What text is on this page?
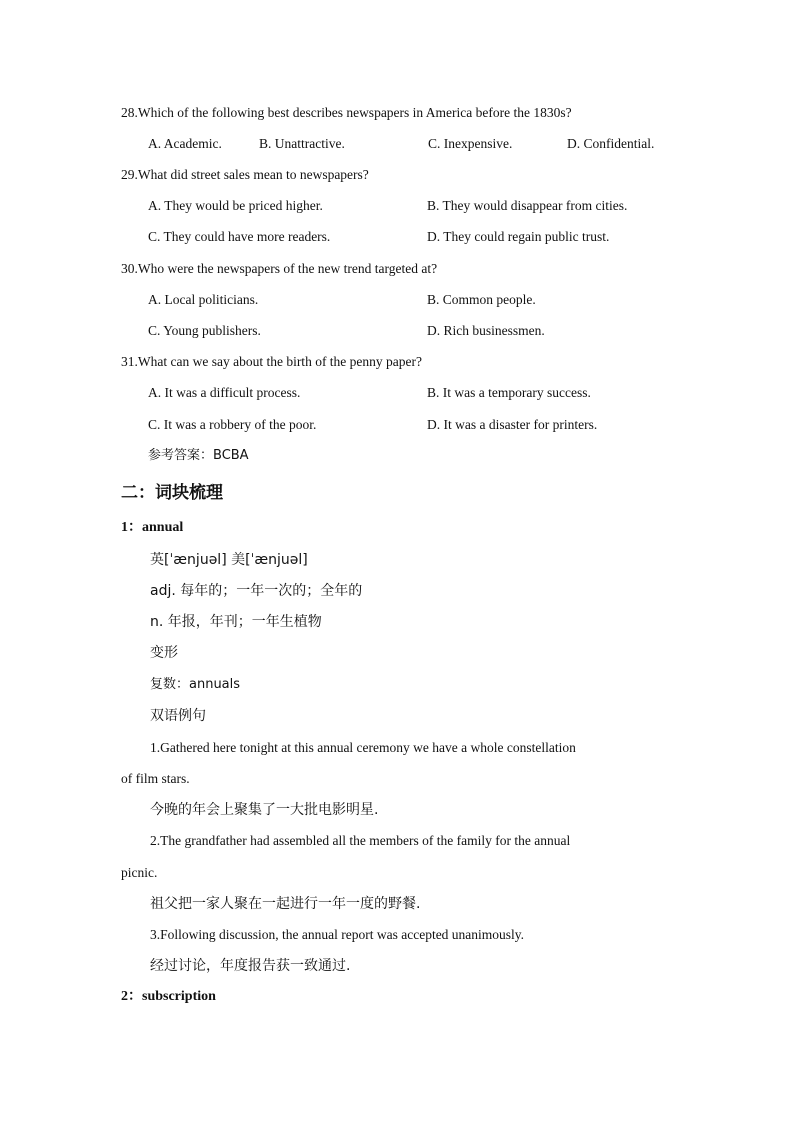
28.Which of the following best describes newspapers in America before the 1830s?
A. Academic.	B. Unattractive.	C. Inexpensive.	D. Confidential.
29.What did street sales mean to newspapers?
A. They would be priced higher.	B. They would disappear from cities.
C. They could have more readers.	D. They could regain public trust.
30.Who were the newspapers of the new trend targeted at?
A. Local politicians.	B. Common people.
C. Young publishers.	D. Rich businessmen.
31.What can we say about the birth of the penny paper?
A. It was a difficult process.	B. It was a temporary success.
C. It was a robbery of the poor.	D. It was a disaster for printers.
参考答案：BCBA
二：词块梳理
1：annual
英[ˈænjuəl] 美[ˈænjuəl]
adj. 每年的；一年一次的；全年的
n. 年报，年刊；一年生植物
变形
复数：annuals
双语例句
1.Gathered here tonight at this annual ceremony we have a whole constellation
of film stars.
今晚的年会上聚集了一大批电影明星.
2.The grandfather had assembled all the members of the family for the annual
picnic.
祖父把一家人聚在一起进行一年一度的野餐.
3.Following discussion, the annual report was accepted unanimously.
经过讨论，年度报告获一致通过.
2：subscription
